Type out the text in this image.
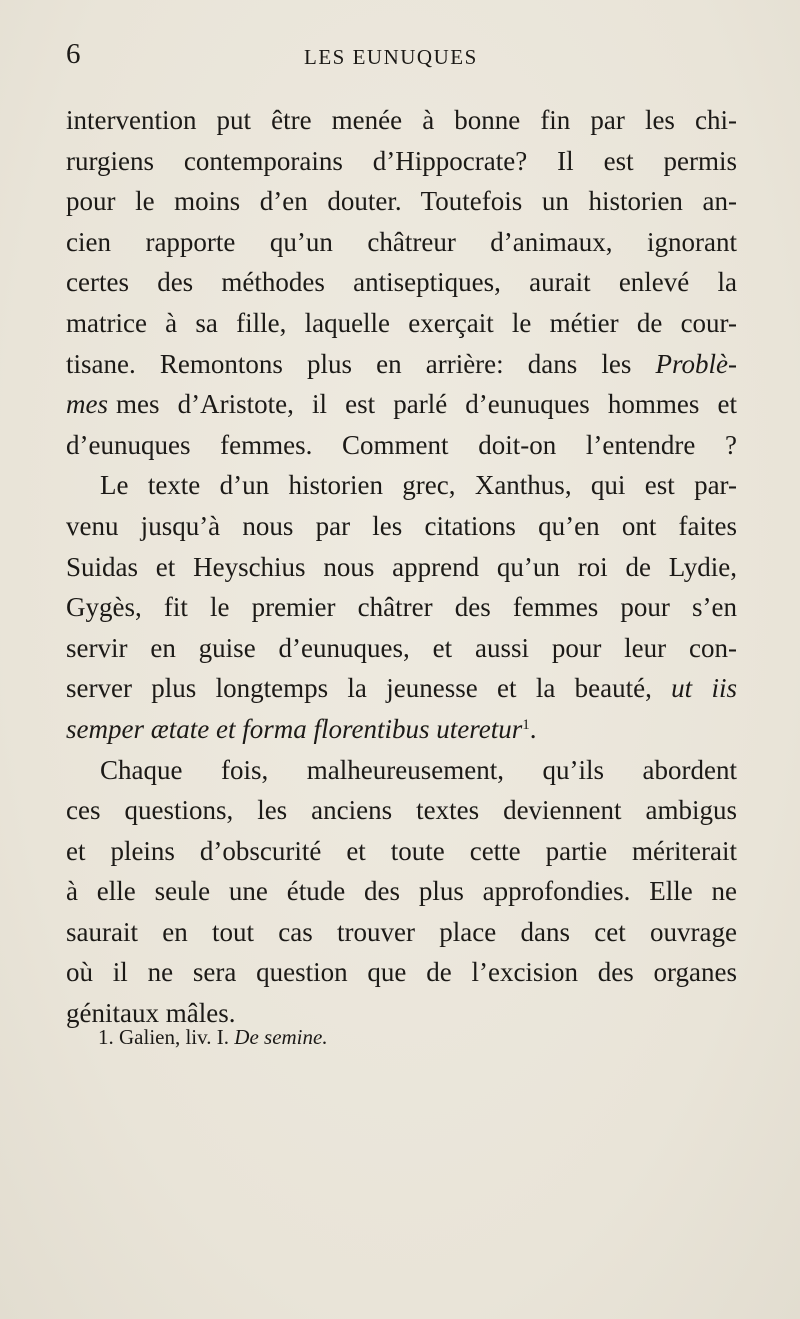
6	LES EUNUQUES
intervention put être menée à bonne fin par les chi-
rurgiens contemporains d’Hippocrate? Il est permis
pour le moins d’en douter. Toutefois un historien an-
cien rapporte qu’un châtreur d’animaux, ignorant
certes des méthodes antiseptiques, aurait enlevé la
matrice à sa fille, laquelle exerçait le métier de cour-
tisane. Remontons plus en arrière: dans les Problè-
mes mes d’Aristote, il est parlé d’eunuques hommes et
d’eunuques femmes. Comment doit-on l’entendre ?
Le texte d’un historien grec, Xanthus, qui est par-
venu jusqu’à nous par les citations qu’en ont faites
Suidas et Heyschius nous apprend qu’un roi de Lydie,
Gygès, fit le premier châtrer des femmes pour s’en
servir en guise d’eunuques, et aussi pour leur con-
server plus longtemps la jeunesse et la beauté, ut iis
semper ætate et forma florentibus uteretur$^1$.
Chaque fois, malheureusement, qu’ils abordent
ces questions, les anciens textes deviennent ambigus
et pleins d’obscurité et toute cette partie mériterait
à elle seule une étude des plus approfondies. Elle ne
saurait en tout cas trouver place dans cet ouvrage
où il ne sera question que de l’excision des organes
génitaux mâles.
1. Galien, liv. I. De semine.
